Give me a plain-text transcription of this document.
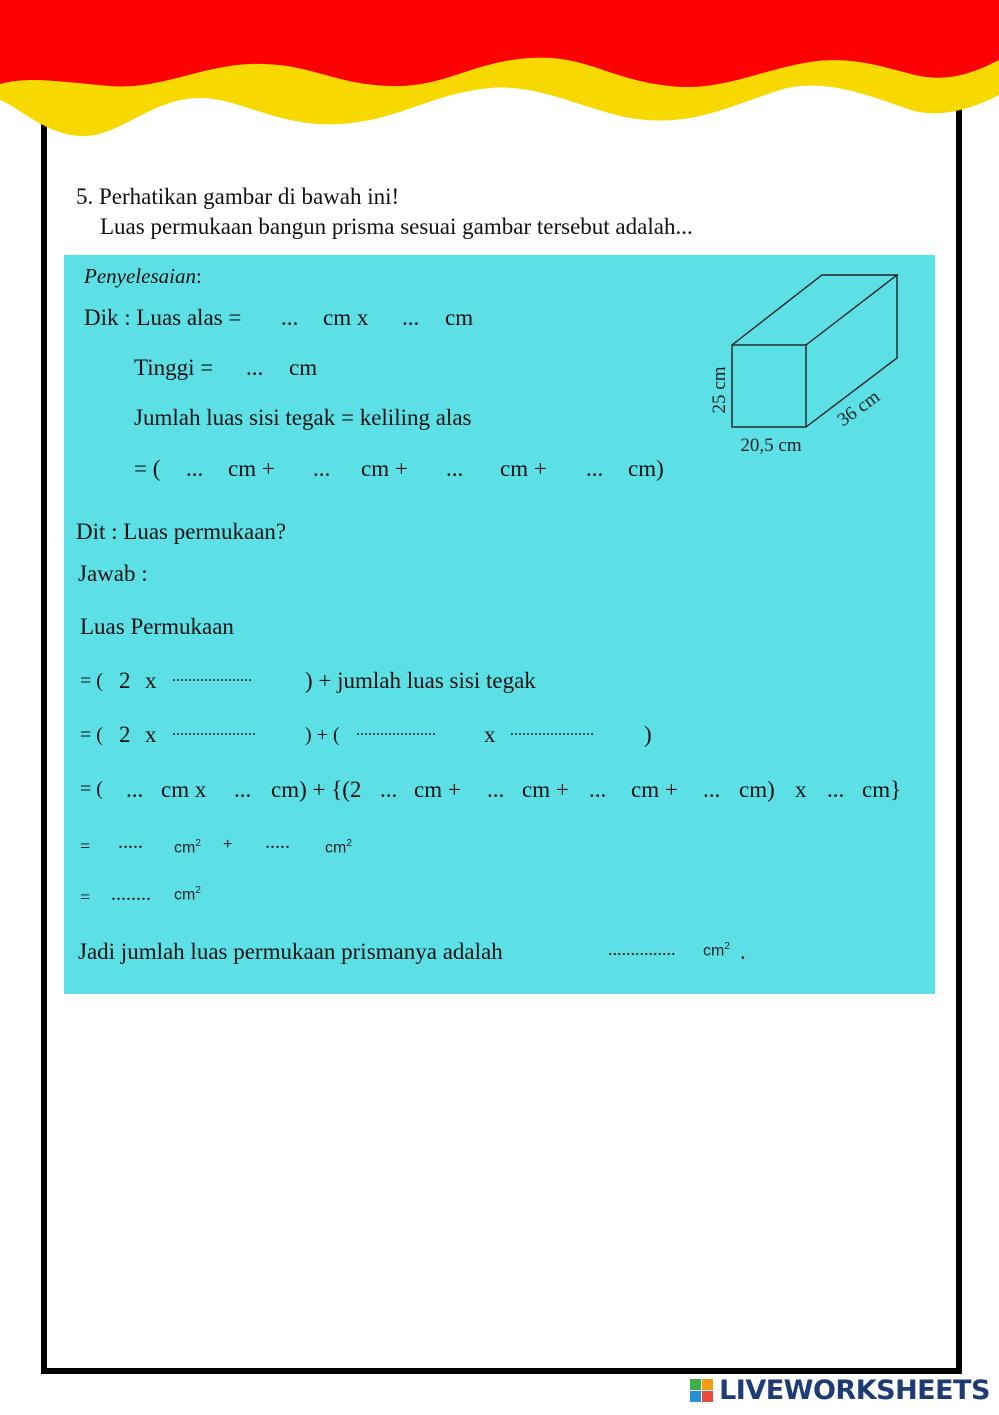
5. Perhatikan gambar di bawah ini!
Luas permukaan bangun prisma sesuai gambar tersebut adalah...
Penyelesaian:
Dik : Luas alas = ... cm x ... cm
Tinggi = ... cm
Jumlah luas sisi tegak = keliling alas
= ( ... cm + ... cm + ... cm + ... cm)
25 cm
20,5 cm
36 cm
Dit : Luas permukaan?
Jawab :
Luas Permukaan
= ( 2 x .................... ) + jumlah luas sisi tegak
= ( 2 x ..................... ) + ( .................... x ..................... )
= ( ... cm x ... cm) + {(2 ... cm + ... cm + ... cm + ... cm) x ... cm}
= ..... $cm^2$ + ..... $cm^2$
= ........ $cm^2$
Jadi jumlah luas permukaan prismanya adalah	............... $cm^2$ .
LIVEWORKSHEETS
